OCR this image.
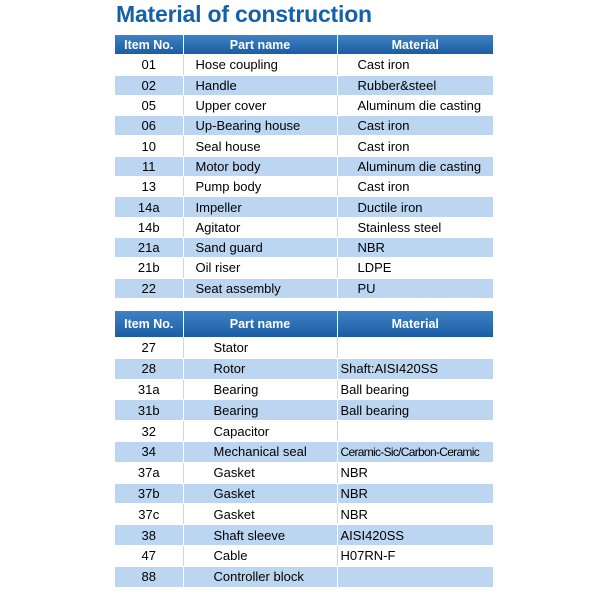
Material of construction
Item No.	Part name	Material
01	Hose coupling	Cast iron
02	Handle	Rubber&steel
05	Upper cover	Aluminum die casting
06	Up-Bearing house	Cast iron
10	Seal house	Cast iron
11	Motor body	Aluminum die casting
13	Pump body	Cast iron
14a	Impeller	Ductile iron
14b	Agitator	Stainless steel
21a	Sand guard	NBR
21b	Oil riser	LDPE
22	Seat assembly	PU
Item No.	Part name	Material
27	Stator	
28	Rotor	Shaft:AISI420SS
31a	Bearing	Ball bearing
31b	Bearing	Ball bearing
32	Capacitor	
34	Mechanical seal	Ceramic-Sic/Carbon-Ceramic
37a	Gasket	NBR
37b	Gasket	NBR
37c	Gasket	NBR
38	Shaft sleeve	AISI420SS
47	Cable	H07RN-F
88	Controller block	
